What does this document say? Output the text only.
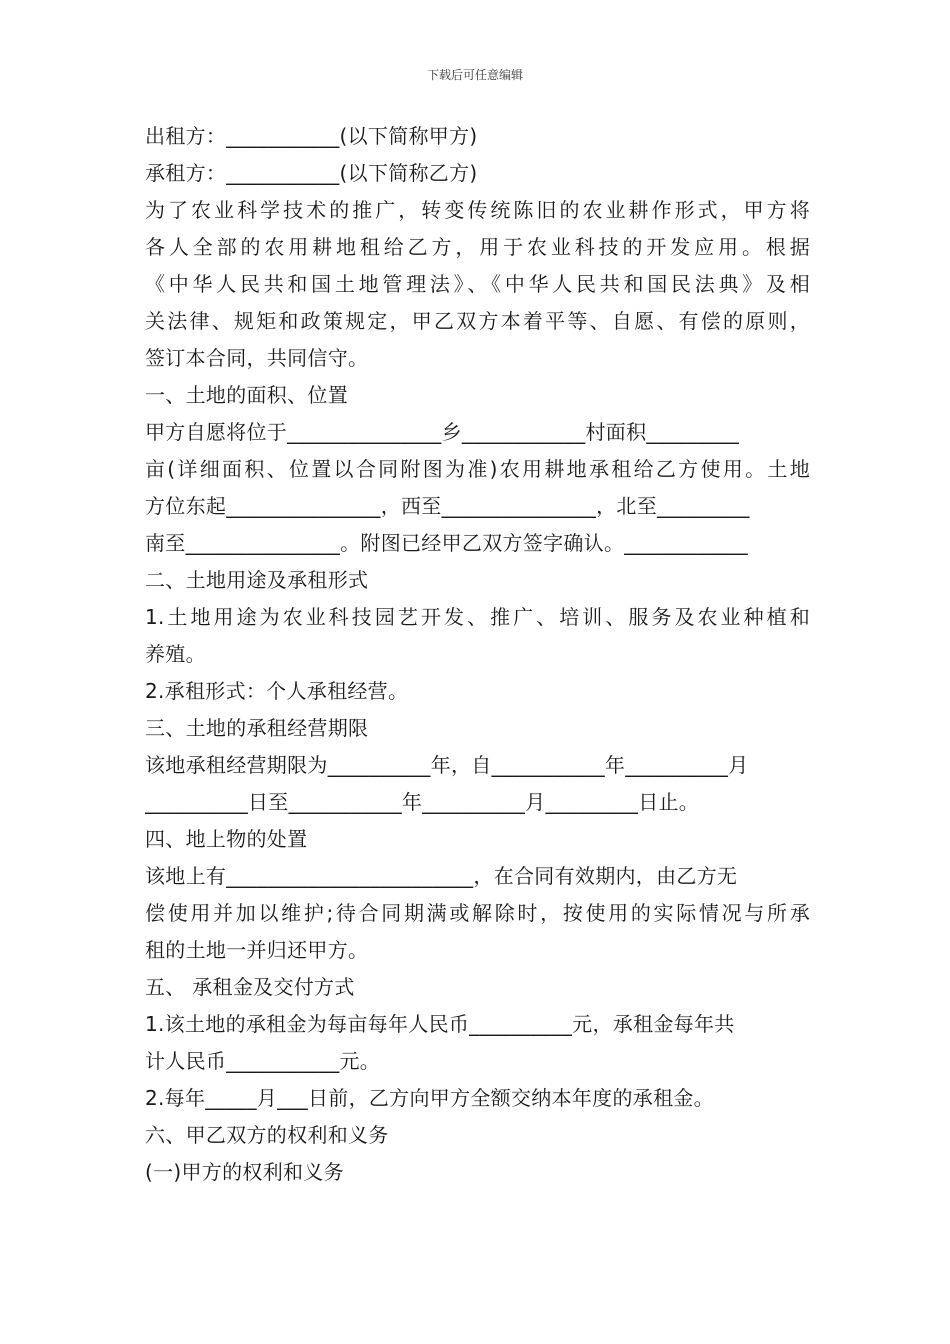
下载后可任意编辑
出租方：___________(以下简称甲方)
承租方：___________(以下简称乙方)
为了农业科学技术的推广，转变传统陈旧的农业耕作形式，甲方将
各人全部的农用耕地租给乙方，用于农业科技的开发应用。根据
《中华人民共和国土地管理法》、《中华人民共和国民法典》及相
关法律、规矩和政策规定，甲乙双方本着平等、自愿、有偿的原则，
签订本合同，共同信守。
一、土地的面积、位置
甲方自愿将位于_______________乡____________村面积_________
亩(详细面积、位置以合同附图为准)农用耕地承租给乙方使用。土地
方位东起_______________，西至_______________，北至_________
南至_______________。附图已经甲乙双方签字确认。____________
二、土地用途及承租形式
1.土地用途为农业科技园艺开发、推广、培训、服务及农业种植和
养殖。
2.承租形式：个人承租经营。
三、土地的承租经营期限
该地承租经营期限为__________年，自___________年__________月
__________日至___________年__________月_________日止。
四、地上物的处置
该地上有________________________，在合同有效期内，由乙方无
偿使用并加以维护;待合同期满或解除时，按使用的实际情况与所承
租的土地一并归还甲方。
五、 承租金及交付方式
1.该土地的承租金为每亩每年人民币__________元，承租金每年共
计人民币___________元。
2.每年_____月___日前，乙方向甲方全额交纳本年度的承租金。
六、甲乙双方的权利和义务
(一)甲方的权利和义务
